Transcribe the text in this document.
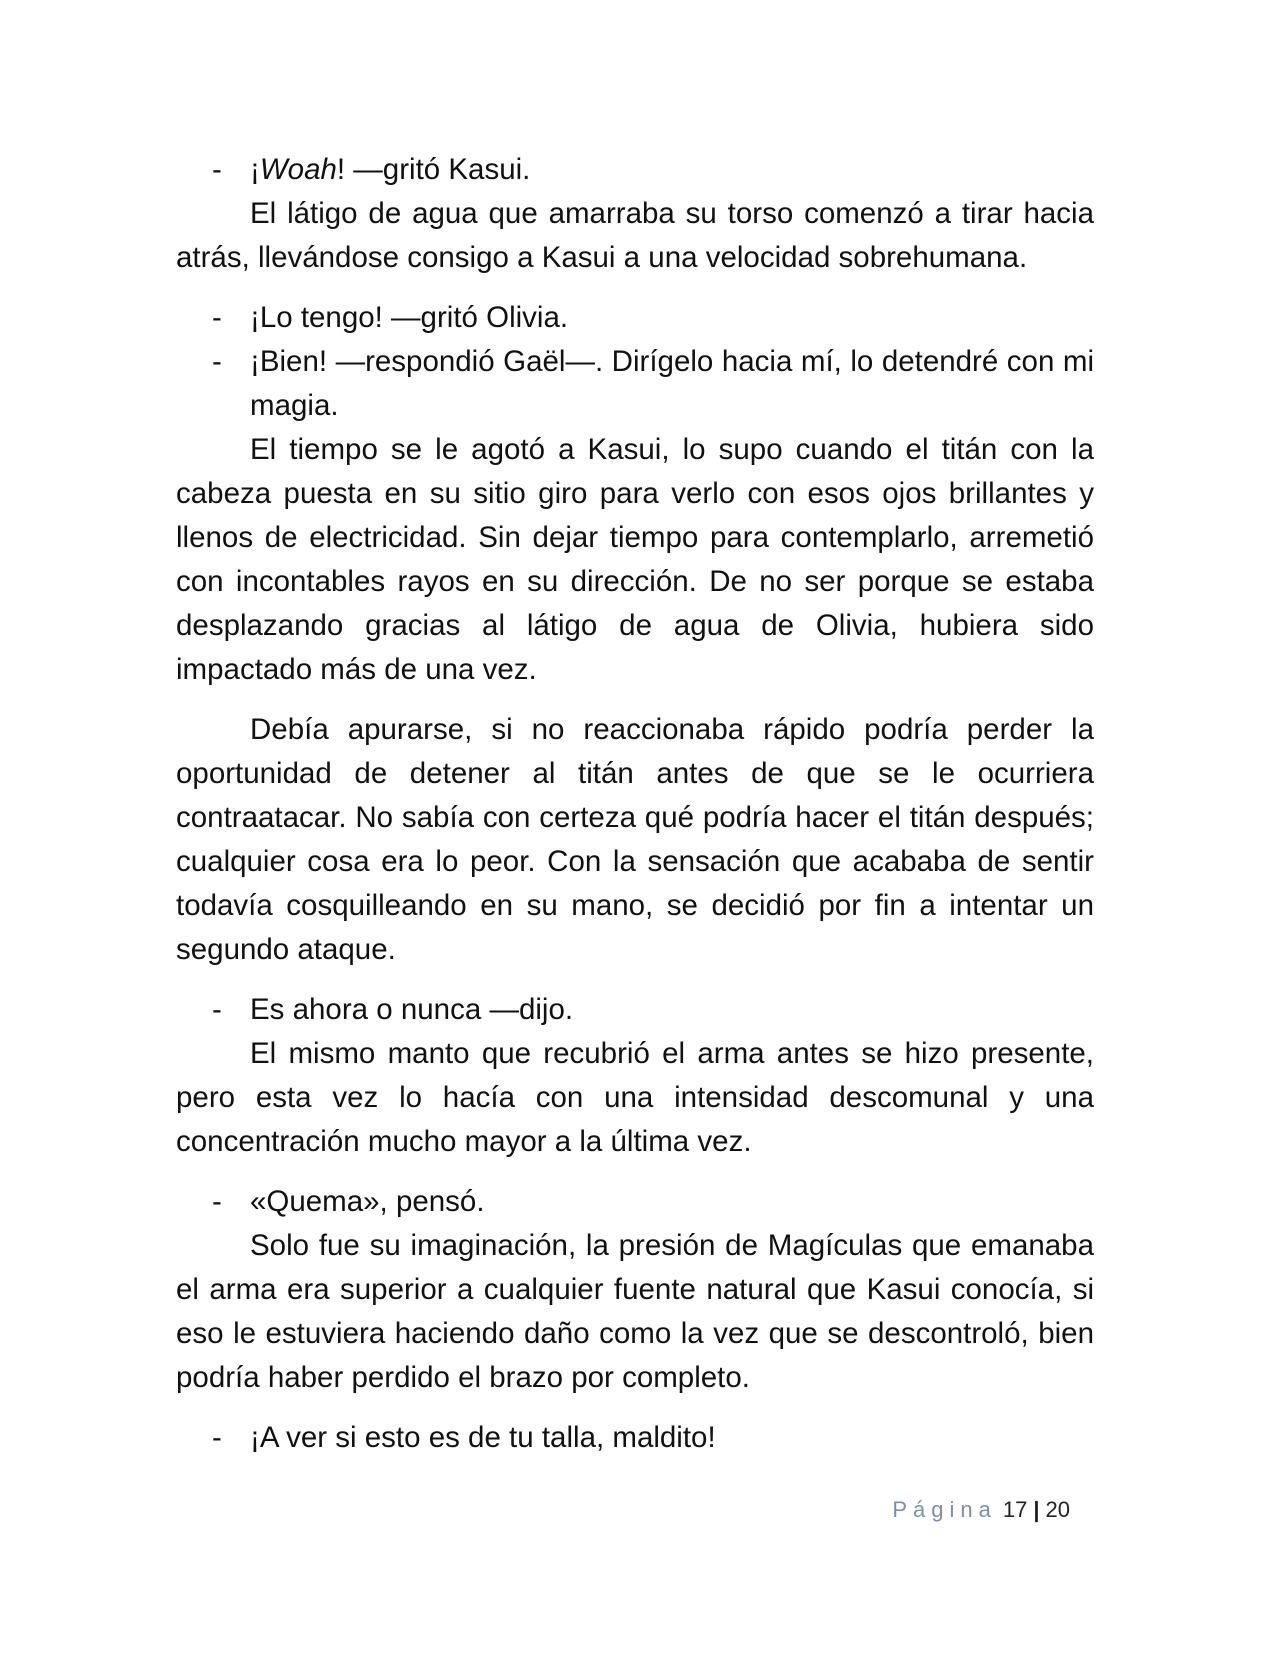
- ¡Woah! —gritó Kasui.

El látigo de agua que amarraba su torso comenzó a tirar hacia atrás, llevándose consigo a Kasui a una velocidad sobrehumana.

- ¡Lo tengo! —gritó Olivia.

- ¡Bien! —respondió Gaël—. Dirígelo hacia mí, lo detendré con mi magia.

El tiempo se le agotó a Kasui, lo supo cuando el titán con la cabeza puesta en su sitio giro para verlo con esos ojos brillantes y llenos de electricidad. Sin dejar tiempo para contemplarlo, arremetió con incontables rayos en su dirección. De no ser porque se estaba desplazando gracias al látigo de agua de Olivia, hubiera sido impactado más de una vez.

Debía apurarse, si no reaccionaba rápido podría perder la oportunidad de detener al titán antes de que se le ocurriera contraatacar. No sabía con certeza qué podría hacer el titán después; cualquier cosa era lo peor. Con la sensación que acababa de sentir todavía cosquilleando en su mano, se decidió por fin a intentar un segundo ataque.

- Es ahora o nunca —dijo.

El mismo manto que recubrió el arma antes se hizo presente, pero esta vez lo hacía con una intensidad descomunal y una concentración mucho mayor a la última vez.

- «Quema», pensó.

Solo fue su imaginación, la presión de Magículas que emanaba el arma era superior a cualquier fuente natural que Kasui conocía, si eso le estuviera haciendo daño como la vez que se descontroló, bien podría haber perdido el brazo por completo.

- ¡A ver si esto es de tu talla, maldito!

Página 17 | 20
